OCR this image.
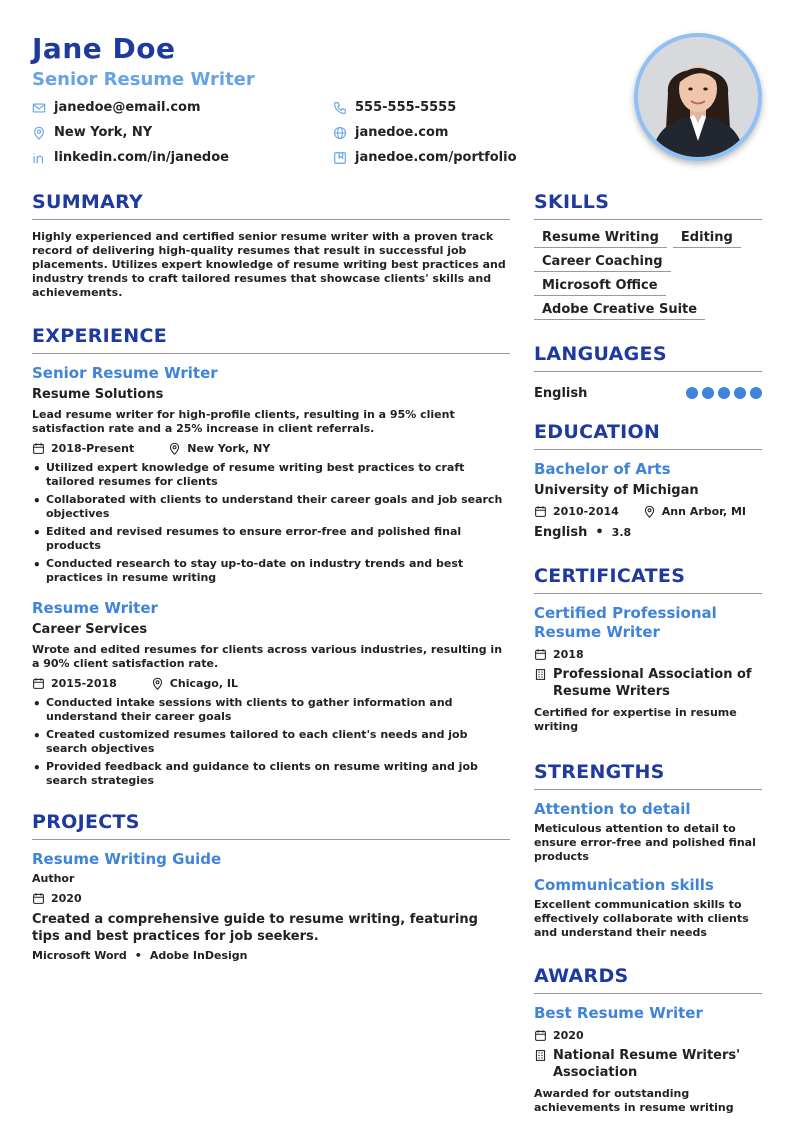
Jane Doe
Senior Resume Writer
janedoe@email.com	555-555-5555
New York, NY	janedoe.com
linkedin.com/in/janedoe	janedoe.com/portfolio
SUMMARY
Highly experienced and certified senior resume writer with a proven track record of delivering high-quality resumes that result in successful job placements. Utilizes expert knowledge of resume writing best practices and industry trends to craft tailored resumes that showcase clients' skills and achievements.
EXPERIENCE
Senior Resume Writer
Resume Solutions
Lead resume writer for high-profile clients, resulting in a 95% client satisfaction rate and a 25% increase in client referrals.
2018-Present	New York, NY
• Utilized expert knowledge of resume writing best practices to craft tailored resumes for clients
• Collaborated with clients to understand their career goals and job search objectives
• Edited and revised resumes to ensure error-free and polished final products
• Conducted research to stay up-to-date on industry trends and best practices in resume writing
Resume Writer
Career Services
Wrote and edited resumes for clients across various industries, resulting in a 90% client satisfaction rate.
2015-2018	Chicago, IL
• Conducted intake sessions with clients to gather information and understand their career goals
• Created customized resumes tailored to each client's needs and job search objectives
• Provided feedback and guidance to clients on resume writing and job search strategies
PROJECTS
Resume Writing Guide
Author
2020
Created a comprehensive guide to resume writing, featuring tips and best practices for job seekers.
Microsoft Word • Adobe InDesign
SKILLS
Resume Writing	Editing
Career Coaching
Microsoft Office
Adobe Creative Suite
LANGUAGES
English
EDUCATION
Bachelor of Arts
University of Michigan
2010-2014	Ann Arbor, MI
English • 3.8
CERTIFICATES
Certified Professional Resume Writer
2018
Professional Association of Resume Writers
Certified for expertise in resume writing
STRENGTHS
Attention to detail
Meticulous attention to detail to ensure error-free and polished final products
Communication skills
Excellent communication skills to effectively collaborate with clients and understand their needs
AWARDS
Best Resume Writer
2020
National Resume Writers' Association
Awarded for outstanding achievements in resume writing
